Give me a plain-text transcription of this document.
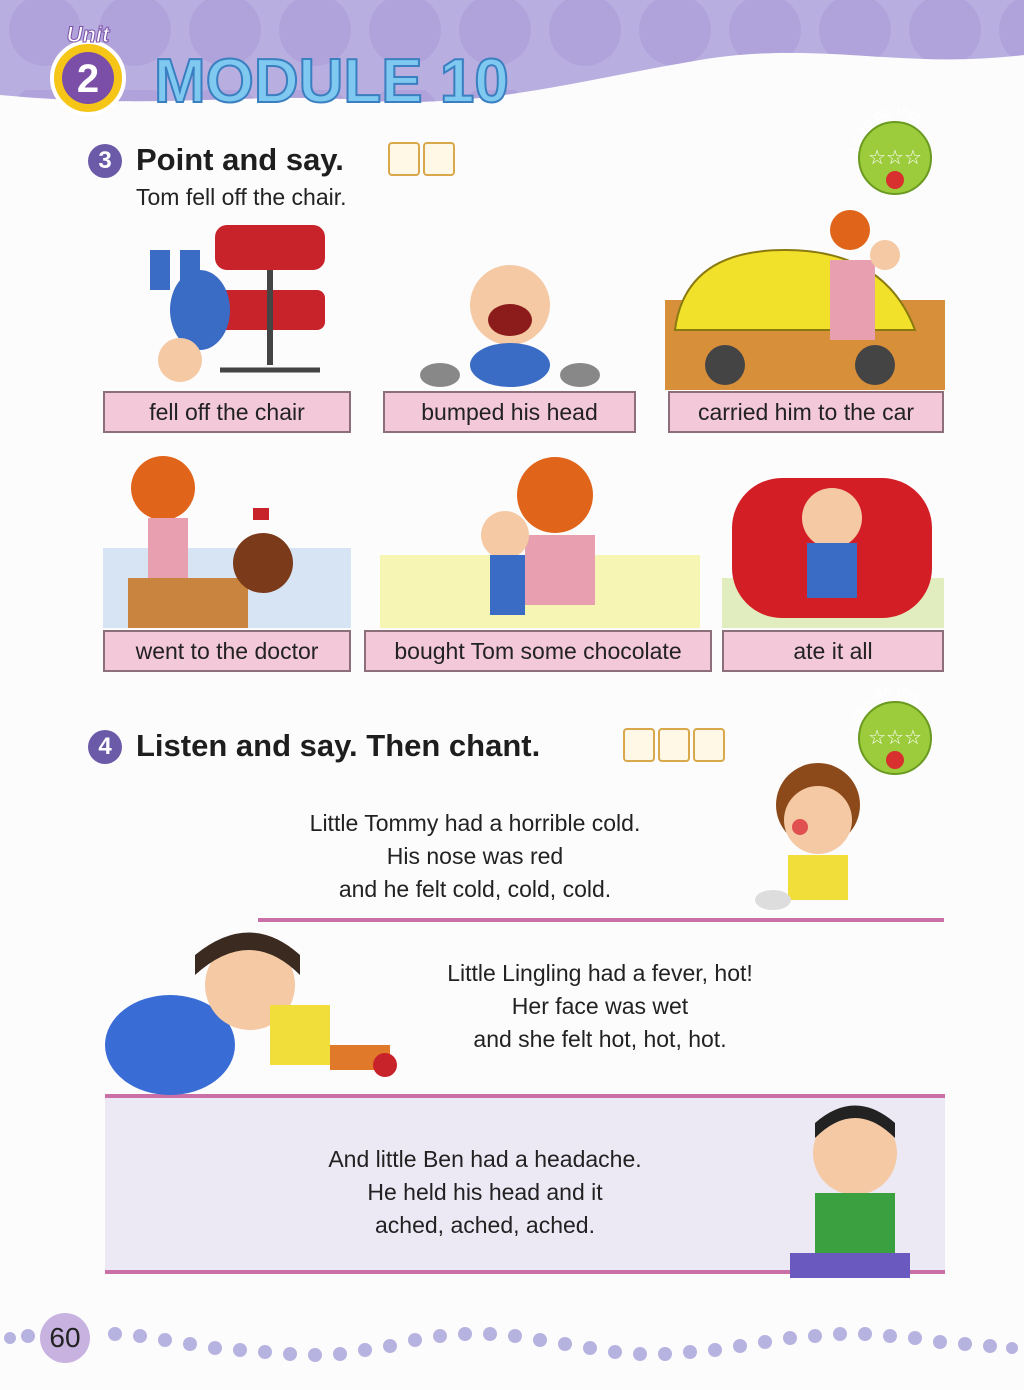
2
Unit
MODULE 10
3 Point and say.
Tom fell off the chair.
I can do this
☆☆☆
fell off the chair	bumped his head	carried him to the car
went to the doctor	bought Tom some chocolate	ate it all
4 Listen and say. Then chant.	I can do this
☆☆☆
Little Tommy had a horrible cold.
His nose was red
and he felt cold, cold, cold.
Little Lingling had a fever, hot!
Her face was wet
and she felt hot, hot, hot.
And little Ben had a headache.
He held his head and it
ached, ached, ached.
60
